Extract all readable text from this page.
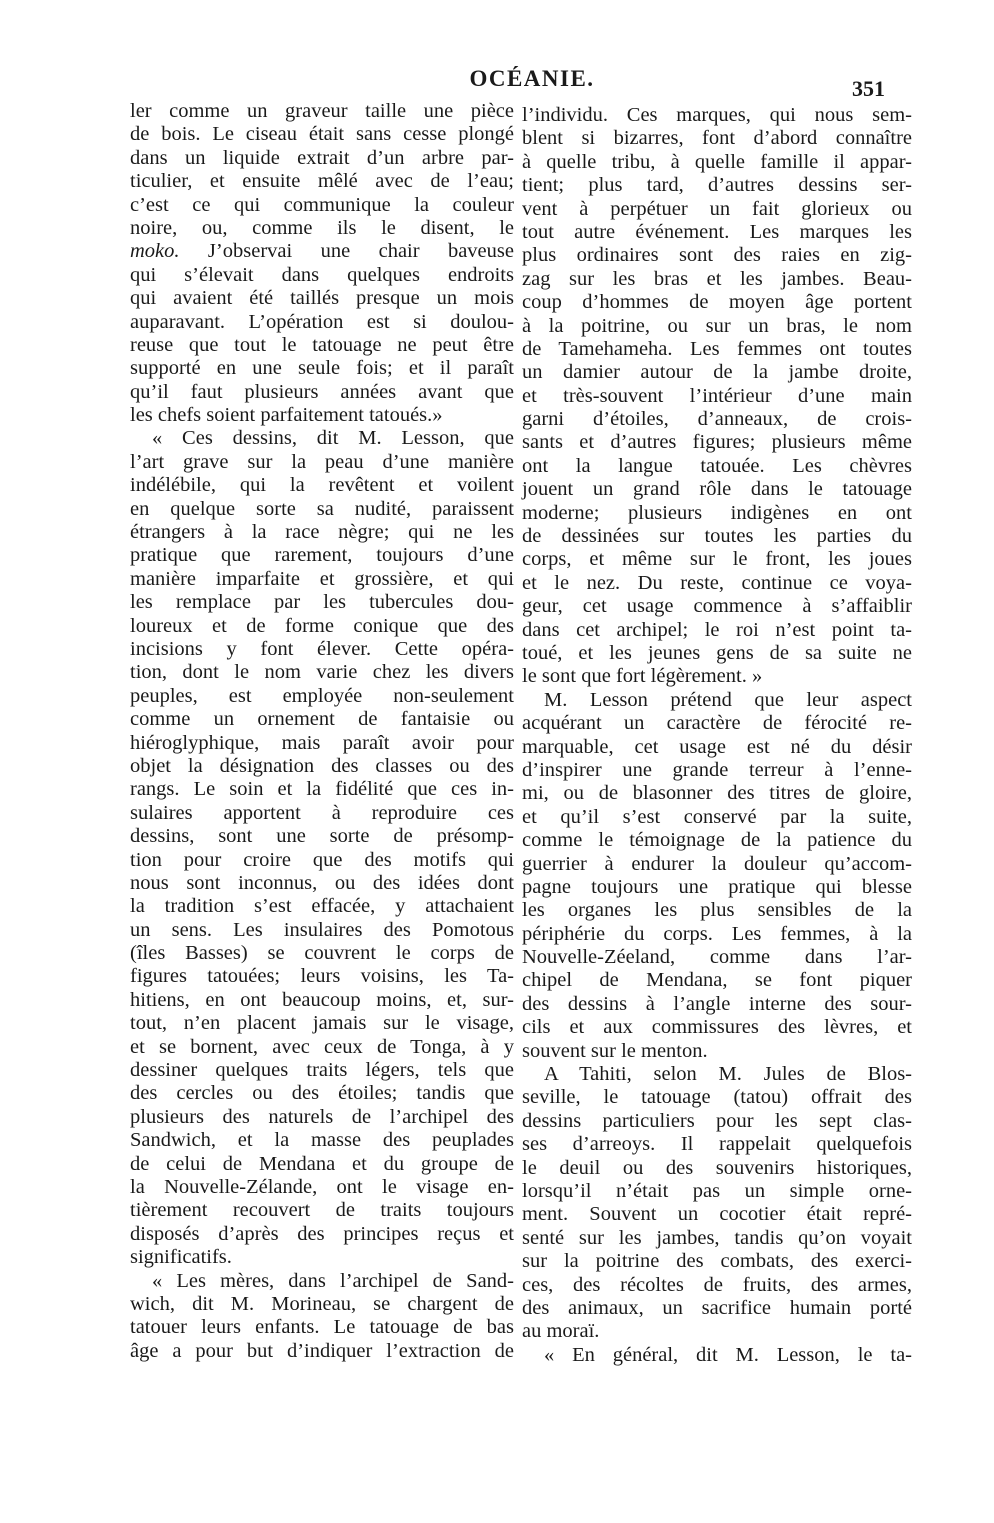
OCÉANIE.	351
ler comme un graveur taille une pièce
de bois. Le ciseau était sans cesse plongé
dans un liquide extrait d’un arbre par-
ticulier, et ensuite mêlé avec de l’eau;
c’est ce qui communique la couleur
noire, ou, comme ils le disent, le
moko. J’observai une chair baveuse
qui s’élevait dans quelques endroits
qui avaient été taillés presque un mois
auparavant. L’opération est si doulou-
reuse que tout le tatouage ne peut être
supporté en une seule fois; et il paraît
qu’il faut plusieurs années avant que
les chefs soient parfaitement tatoués.»
« Ces dessins, dit M. Lesson, que
l’art grave sur la peau d’une manière
indélébile, qui la revêtent et voilent
en quelque sorte sa nudité, paraissent
étrangers à la race nègre; qui ne les
pratique que rarement, toujours d’une
manière imparfaite et grossière, et qui
les remplace par les tubercules dou-
loureux et de forme conique que des
incisions y font élever. Cette opéra-
tion, dont le nom varie chez les divers
peuples, est employée non-seulement
comme un ornement de fantaisie ou
hiéroglyphique, mais paraît avoir pour
objet la désignation des classes ou des
rangs. Le soin et la fidélité que ces in-
sulaires apportent à reproduire ces
dessins, sont une sorte de présomp-
tion pour croire que des motifs qui
nous sont inconnus, ou des idées dont
la tradition s’est effacée, y attachaient
un sens. Les insulaires des Pomotous
(îles Basses) se couvrent le corps de
figures tatouées; leurs voisins, les Ta-
hitiens, en ont beaucoup moins, et, sur-
tout, n’en placent jamais sur le visage,
et se bornent, avec ceux de Tonga, à y
dessiner quelques traits légers, tels que
des cercles ou des étoiles; tandis que
plusieurs des naturels de l’archipel des
Sandwich, et la masse des peuplades
de celui de Mendana et du groupe de
la Nouvelle-Zélande, ont le visage en-
tièrement recouvert de traits toujours
disposés d’après des principes reçus et
significatifs.
« Les mères, dans l’archipel de Sand-
wich, dit M. Morineau, se chargent de
tatouer leurs enfants. Le tatouage de bas
âge a pour but d’indiquer l’extraction de
l’individu. Ces marques, qui nous sem-
blent si bizarres, font d’abord connaître
à quelle tribu, à quelle famille il appar-
tient; plus tard, d’autres dessins ser-
vent à perpétuer un fait glorieux ou
tout autre événement. Les marques les
plus ordinaires sont des raies en zig-
zag sur les bras et les jambes. Beau-
coup d’hommes de moyen âge portent
à la poitrine, ou sur un bras, le nom
de Tamehameha. Les femmes ont toutes
un damier autour de la jambe droite,
et très-souvent l’intérieur d’une main
garni d’étoiles, d’anneaux, de crois-
sants et d’autres figures; plusieurs même
ont la langue tatouée. Les chèvres
jouent un grand rôle dans le tatouage
moderne; plusieurs indigènes en ont
de dessinées sur toutes les parties du
corps, et même sur le front, les joues
et le nez. Du reste, continue ce voya-
geur, cet usage commence à s’affaiblir
dans cet archipel; le roi n’est point ta-
toué, et les jeunes gens de sa suite ne
le sont que fort légèrement. »
M. Lesson prétend que leur aspect
acquérant un caractère de férocité re-
marquable, cet usage est né du désir
d’inspirer une grande terreur à l’enne-
mi, ou de blasonner des titres de gloire,
et qu’il s’est conservé par la suite,
comme le témoignage de la patience du
guerrier à endurer la douleur qu’accom-
pagne toujours une pratique qui blesse
les organes les plus sensibles de la
périphérie du corps. Les femmes, à la
Nouvelle-Zéeland, comme dans l’ar-
chipel de Mendana, se font piquer
des dessins à l’angle interne des sour-
cils et aux commissures des lèvres, et
souvent sur le menton.
A Tahiti, selon M. Jules de Blos-
seville, le tatouage (tatou) offrait des
dessins particuliers pour les sept clas-
ses d’arreoys. Il rappelait quelquefois
le deuil ou des souvenirs historiques,
lorsqu’il n’était pas un simple orne-
ment. Souvent un cocotier était repré-
senté sur les jambes, tandis qu’on voyait
sur la poitrine des combats, des exerci-
ces, des récoltes de fruits, des armes,
des animaux, un sacrifice humain porté
au moraï.
« En général, dit M. Lesson, le ta-
